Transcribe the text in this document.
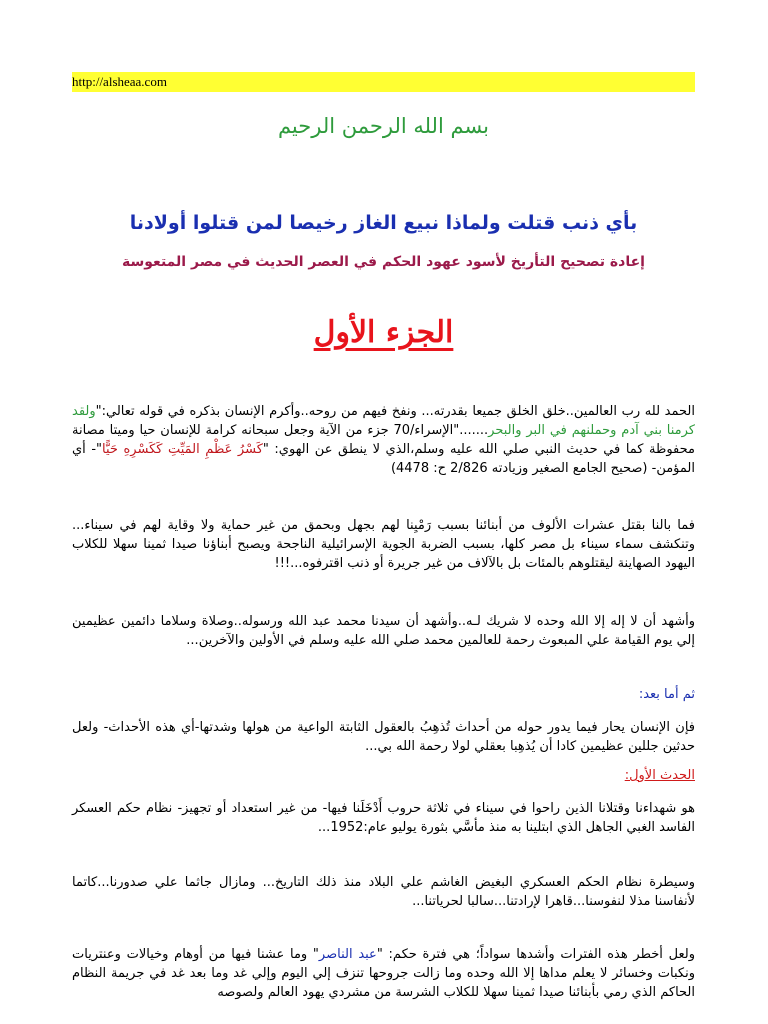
http://alsheaa.com
بسم الله الرحمن الرحيم
بأي ذنب قتلت ولماذا نبيع الغاز رخيصا لمن قتلوا أولادنا
إعادة تصحيح التأريخ لأسود عهود الحكم في العصر الحديث في مصر المتعوسة
الجزء الأول
الحمد لله رب العالمين..خلق الخلق جميعا بقدرته... ونفخ فيهم من روحه..وأكرم الإنسان بذكره في قوله تعالي:"ولقد كرمنا بني آدم وحملنهم في البر والبحر......."الإسراء/70 جزء من الآية وجعل سبحانه كرامة للإنسان حيا وميتا مصانة محفوظة كما في حديث النبي صلي الله عليه وسلم،الذي لا ينطق عن الهوي: "كَسْرُ عَظْمِ المَيِّتِ كَكَسْرِهِ حَيًّا"- أي المؤمن- (صحيح الجامع الصغير وزيادته 2/826 ح: 4478)
فما بالنا بقتل عشرات الألوف من أبنائنا بسبب رَمْيِنا لهم بجهل وبحمق من غير حماية ولا وقاية لهم في سيناء... وتنكشف سماء سيناء بل مصر كلها، بسبب الضربة الجوية الإسرائيلية الناجحة ويصبح أبناؤنا صيدا ثمينا سهلا للكلاب اليهود الصهاينة ليقتلوهم بالمئات بل بالآلاف من غير جريرة أو ذنب اقترفوه...!!!
وأشهد أن لا إله إلا الله وحده لا شريك لـه..وأشهد أن سيدنا محمد عبد الله ورسوله..وصلاة وسلاما دائمين عظيمين إلي يوم القيامة علي المبعوث رحمة للعالمين محمد صلي الله عليه وسلم في الأولين والآخرين...
ثم أما بعد:
فإن الإنسان يحار فيما يدور حوله من أحداث تُذهِبُ بالعقول الثابتة الواعية من هولها وشدتها-أي هذه الأحداث- ولعل حدثين جللين عظيمين كادا أن يُذهِبا بعقلي لولا رحمة الله بي...
الحدث الأول:
هو شهداءنا وقتلانا الذين راحوا في سيناء في ثلاثة حروب أَدْخَلَنا فيها- من غير استعداد أو تجهيز- نظام حكم العسكر الفاسد الغبي الجاهل الذي ابتلينا به منذ مأسَّي بثورة يوليو عام:1952...
وسيطرة نظام الحكم العسكري البغيض الغاشم علي البلاد منذ ذلك التاريخ... ومازال جاثما علي صدورنا...كاتما لأنفاسنا مذلا لنفوسنا...قاهرا لإرادتنا...سالبا لحرياتنا...
ولعل أخطر هذه الفترات وأشدها سواداً؛ هي فترة حكم: "عبد الناصر" وما عشنا فيها من أوهام وخيالات وعنتريات ونكبات وخسائر لا يعلم مداها إلا الله وحده وما زالت جروحها تنزف إلي اليوم وإلي غد وما بعد غد في جريمة النظام الحاكم الذي رمي بأبنائنا صيدا ثمينا سهلا للكلاب الشرسة من مشردي يهود العالم ولصوصه
